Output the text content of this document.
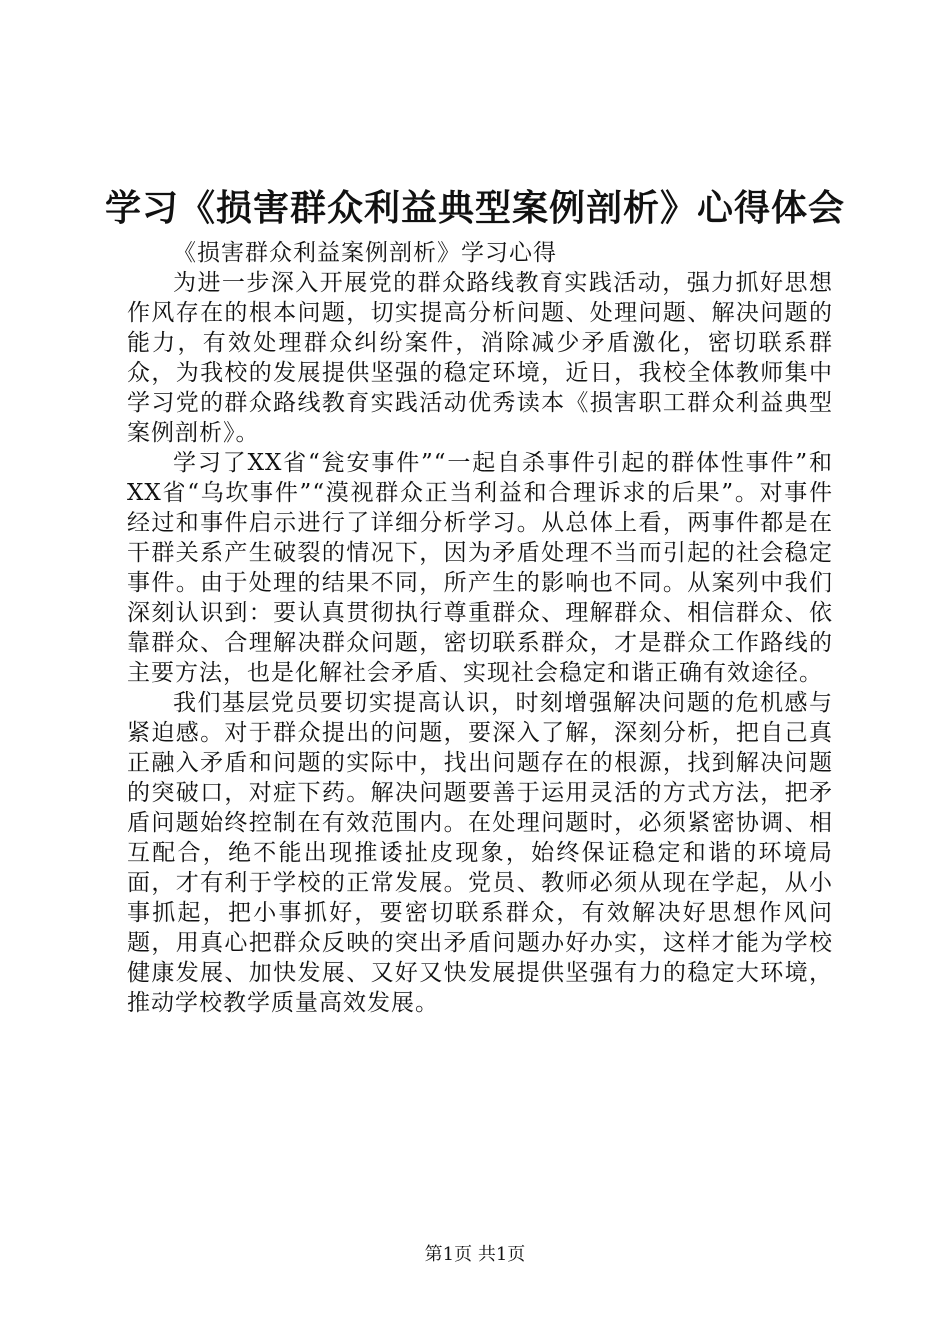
学习《损害群众利益典型案例剖析》心得体会

《损害群众利益案例剖析》学习心得

为进一步深入开展党的群众路线教育实践活动，强力抓好思想作风存在的根本问题，切实提高分析问题、处理问题、解决问题的能力，有效处理群众纠纷案件，消除减少矛盾激化，密切联系群众，为我校的发展提供坚强的稳定环境，近日，我校全体教师集中学习党的群众路线教育实践活动优秀读本《损害职工群众利益典型案例剖析》。

学习了XX省“瓮安事件”“一起自杀事件引起的群体性事件”和XX省“乌坎事件”“漠视群众正当利益和合理诉求的后果”。对事件经过和事件启示进行了详细分析学习。从总体上看，两事件都是在干群关系产生破裂的情况下，因为矛盾处理不当而引起的社会稳定事件。由于处理的结果不同，所产生的影响也不同。从案列中我们深刻认识到：要认真贯彻执行尊重群众、理解群众、相信群众、依靠群众、合理解决群众问题，密切联系群众，才是群众工作路线的主要方法，也是化解社会矛盾、实现社会稳定和谐正确有效途径。

我们基层党员要切实提高认识，时刻增强解决问题的危机感与紧迫感。对于群众提出的问题，要深入了解，深刻分析，把自己真正融入矛盾和问题的实际中，找出问题存在的根源，找到解决问题的突破口，对症下药。解决问题要善于运用灵活的方式方法，把矛盾问题始终控制在有效范围内。在处理问题时，必须紧密协调、相互配合，绝不能出现推诿扯皮现象，始终保证稳定和谐的环境局面，才有利于学校的正常发展。党员、教师必须从现在学起，从小事抓起，把小事抓好，要密切联系群众，有效解决好思想作风问题，用真心把群众反映的突出矛盾问题办好办实，这样才能为学校健康发展、加快发展、又好又快发展提供坚强有力的稳定大环境，推动学校教学质量高效发展。

第1页 共1页
